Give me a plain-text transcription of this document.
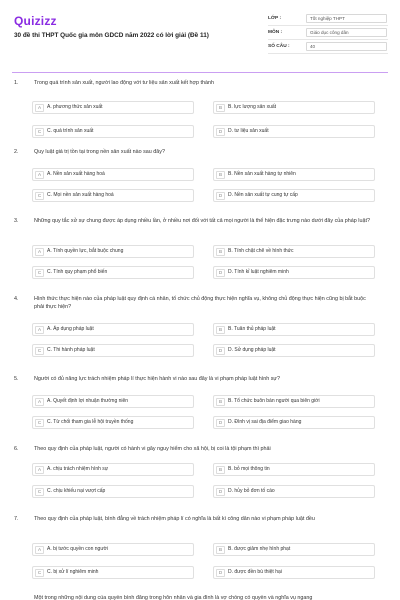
Quizizz
30 đề thi THPT Quốc gia môn GDCD năm 2022 có lời giải (Đề 11)
LỚP :	Tốt nghiệp THPT
MÔN :	Giáo dục công dân
SỐ CÂU :	40
1.	Trong quá trình sản xuất, người lao động với tư liệu sản xuất kết hợp thành
A	A. phương thức sản xuất	B	B. lực lượng sản xuất
C	C. quá trình sản xuất	D	D. tư liệu sản xuất
2.	Quy luật giá trị tồn tại trong nền sản xuất nào sau đây?
A	A. Nền sản xuất hàng hoá	B	B. Nền sản xuất hàng tự nhiên
C	C. Mọi nền sản xuất hàng hoá	D	D. Nền sản xuất tự cung tự cấp
3.	Những quy tắc xử sự chung được áp dụng nhiều lần, ở nhiều nơi đối với tất cả mọi người là thể hiện đặc trưng nào dưới đây của pháp luật?
A	A. Tính quyền lực, bắt buộc chung	B	B. Tính chặt chẽ về hình thức
C	C. Tính quy phạm phổ biến	D	D. Tính kỉ luật nghiêm minh
4.	Hình thức thực hiện nào của pháp luật quy định cá nhân, tổ chức chủ động thực hiện nghĩa vụ, không chủ động thực hiện cũng bị bắt buộc phải thực hiện?
A	A. Áp dụng pháp luật	B	B. Tuân thủ pháp luật
C	C. Thi hành pháp luật	D	D. Sử dụng pháp luật
5.	Người có đủ năng lực trách nhiệm pháp lí thực hiện hành vi nào sau đây là vi phạm pháp luật hình sự?
A	A. Quyết định lợi nhuận thường niên	B	B. Tổ chức buôn bán người qua biên giới
C	C. Từ chối tham gia lễ hội truyền thống	D	D. Đình vị sai địa điểm giao hàng
6.	Theo quy định của pháp luật, người có hành vi gây nguy hiểm cho xã hội, bị coi là tội phạm thì phải
A	A. chịu trách nhiệm hình sự	B	B. bỏ mọi thông tin
C	C. chịu khiếu nại vượt cấp	D	D. hủy bỏ đơn tố cáo
7.	Theo quy định của pháp luật, bình đẳng về trách nhiệm pháp lí có nghĩa là bất kì công dân nào vi phạm pháp luật đều
A	A. bị tước quyền con người	B	B. được giảm nhẹ hình phạt
C	C. bị xử lí nghiêm minh	D	D. được đền bù thiệt hại
Một trong những nội dung của quyền bình đẳng trong hôn nhân và gia đình là vợ chồng có quyền và nghĩa vụ ngang
